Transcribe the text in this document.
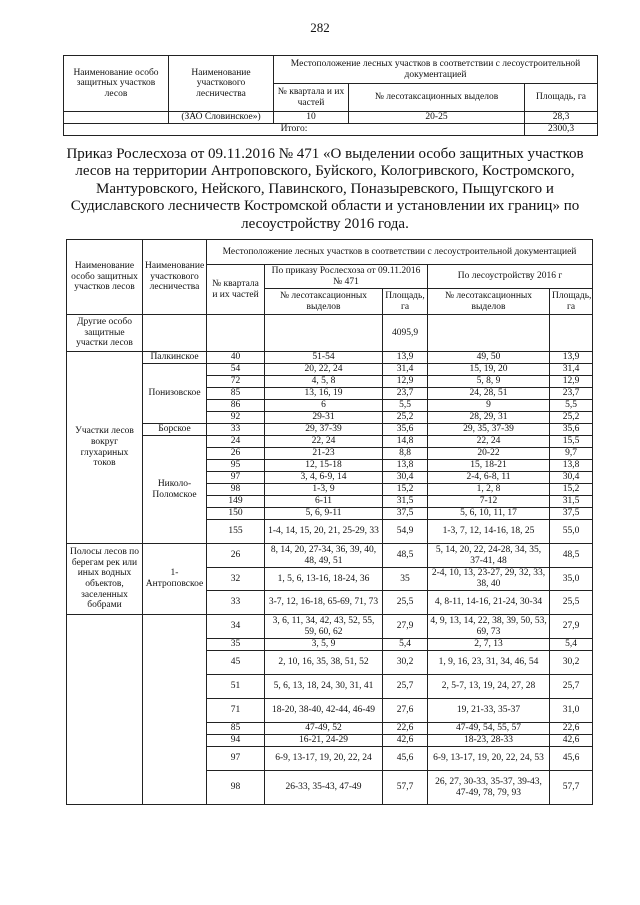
282
Наименование особо защитных участков лесов	Наименование участкового лесничества	Местоположение лесных участков в соответствии с лесоустроительной документацией		
		№ квартала и их частей	№ лесотаксационных выделов	Площадь, га
	(ЗАО Словинское»)	10	20-25	28,3
Итого:				2300,3
Приказ Рослесхоза от 09.11.2016 № 471 «О выделении особо защитных участков лесов на территории Антроповского, Буйского, Кологривского, Костромского, Мантуровского, Нейского, Павинского, Поназыревского, Пыщугского и Судиславского лесничеств Костромской области и установлении их границ» по лесоустройству 2016 года.
Наименование особо защитных участков лесов	Наименование участкового лесничества	Местоположение лесных участков в соответствии с лесоустроительной документацией				
		№ квартала и их частей	По приказу Рослесхоза от 09.11.2016 № 471		По лесоустройству 2016 г	
			№ лесотаксационных выделов	Площадь, га	№ лесотаксационных выделов	Площадь, га
Другие особо защитные участки лесов				4095,9		
Участки лесов вокруг глухариных токов	Палкинское	40	51-54	13,9	49, 50	13,9
	Понизовское	54	20, 22, 24	31,4	15, 19, 20	31,4
		72	4, 5, 8	12,9	5, 8, 9	12,9
		85	13, 16, 19	23,7	24, 28, 51	23,7
		86	6	5,5	9	5,5
		92	29-31	25,2	28, 29, 31	25,2
	Борское	33	29, 37-39	35,6	29, 35, 37-39	35,6
	Николо-Поломское	24	22, 24	14,8	22, 24	15,5
		26	21-23	8,8	20-22	9,7
		95	12, 15-18	13,8	15, 18-21	13,8
		97	3, 4, 6-9, 14	30,4	2-4, 6-8, 11	30,4
		98	1-3, 9	15,2	1, 2, 8	15,2
		149	6-11	31,5	7-12	31,5
		150	5, 6, 9-11	37,5	5, 6, 10, 11, 17	37,5
		155	1-4, 14, 15, 20, 21, 25-29, 33	54,9	1-3, 7, 12, 14-16, 18, 25	55,0
Полосы лесов по берегам рек или иных водных объектов, заселенных бобрами	1-Антроповское	26	8, 14, 20, 27-34, 36, 39, 40, 48, 49, 51	48,5	5, 14, 20, 22, 24-28, 34, 35, 37-41, 48	48,5
		32	1, 5, 6, 13-16, 18-24, 36	35	2-4, 10, 13, 23-27, 29, 32, 33, 38, 40	35,0
		33	3-7, 12, 16-18, 65-69, 71, 73	25,5	4, 8-11, 14-16, 21-24, 30-34	25,5
		34	3, 6, 11, 34, 42, 43, 52, 55, 59, 60, 62	27,9	4, 9, 13, 14, 22, 38, 39, 50, 53, 69, 73	27,9
		35	3, 5, 9	5,4	2, 7, 13	5,4
		45	2, 10, 16, 35, 38, 51, 52	30,2	1, 9, 16, 23, 31, 34, 46, 54	30,2
		51	5, 6, 13, 18, 24, 30, 31, 41	25,7	2, 5-7, 13, 19, 24, 27, 28	25,7
		71	18-20, 38-40, 42-44, 46-49	27,6	19, 21-33, 35-37	31,0
		85	47-49, 52	22,6	47-49, 54, 55, 57	22,6
		94	16-21, 24-29	42,6	18-23, 28-33	42,6
		97	6-9, 13-17, 19, 20, 22, 24	45,6	6-9, 13-17, 19, 20, 22, 24, 53	45,6
		98	26-33, 35-43, 47-49	57,7	26, 27, 30-33, 35-37, 39-43, 47-49, 78, 79, 93	57,7
